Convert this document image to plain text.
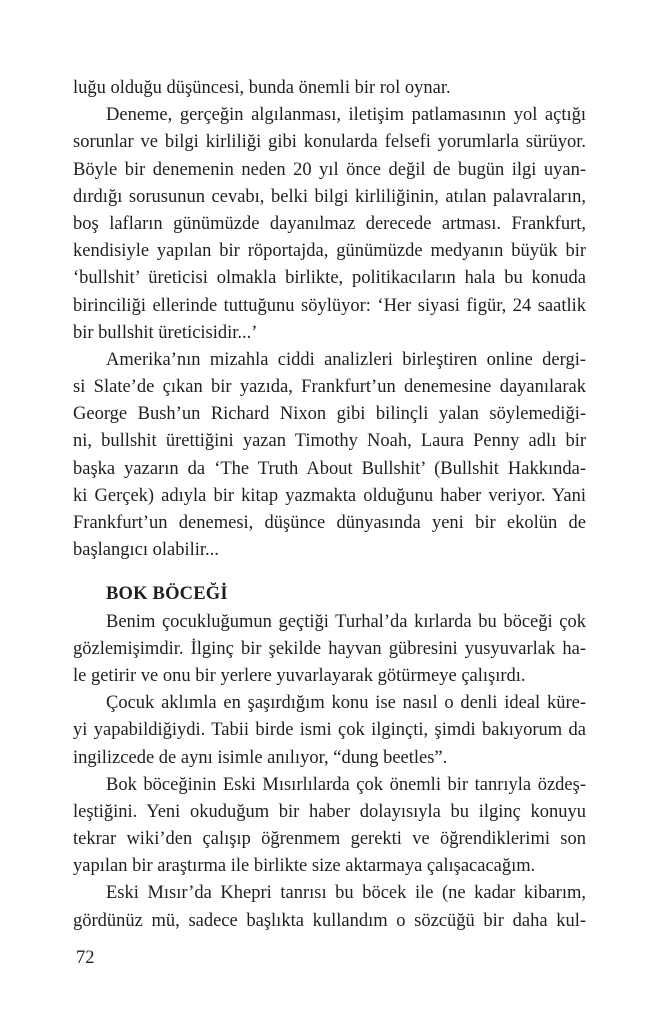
luğu olduğu düşüncesi, bunda önemli bir rol oynar.
Deneme, gerçeğin algılanması, iletişim patlamasının yol açtığı
sorunlar ve bilgi kirliliği gibi konularda felsefi yorumlarla sürüyor.
Böyle bir denemenin neden 20 yıl önce değil de bugün ilgi uyan-
dırdığı sorusunun cevabı, belki bilgi kirliliğinin, atılan palavraların,
boş lafların günümüzde dayanılmaz derecede artması. Frankfurt,
kendisiyle yapılan bir röportajda, günümüzde medyanın büyük bir
‘bullshit’ üreticisi olmakla birlikte, politikacıların hala bu konuda
birinciliği ellerinde tuttuğunu söylüyor: ‘Her siyasi figür, 24 saatlik
bir bullshit üreticisidir...’
Amerika’nın mizahla ciddi analizleri birleştiren online dergi-
si Slate’de çıkan bir yazıda, Frankfurt’un denemesine dayanılarak
George Bush’un Richard Nixon gibi bilinçli yalan söylemediği-
ni, bullshit ürettiğini yazan Timothy Noah, Laura Penny adlı bir
başka yazarın da ‘The Truth About Bullshit’ (Bullshit Hakkında-
ki Gerçek) adıyla bir kitap yazmakta olduğunu haber veriyor. Yani
Frankfurt’un denemesi, düşünce dünyasında yeni bir ekolün de
başlangıcı olabilir...
BOK BÖCEĞİ
Benim çocukluğumun geçtiği Turhal’da kırlarda bu böceği çok
gözlemişimdir. İlginç bir şekilde hayvan gübresini yusyuvarlak ha-
le getirir ve onu bir yerlere yuvarlayarak götürmeye çalışırdı.
Çocuk aklımla en şaşırdığım konu ise nasıl o denli ideal küre-
yi yapabildiğiydi. Tabii birde ismi çok ilginçti, şimdi bakıyorum da
ingilizcede de aynı isimle anılıyor, “dung beetles”.
Bok böceğinin Eski Mısırlılarda çok önemli bir tanrıyla özdeş-
leştiğini. Yeni okuduğum bir haber dolayısıyla bu ilginç konuyu
tekrar wiki’den çalışıp öğrenmem gerekti ve öğrendiklerimi son
yapılan bir araştırma ile birlikte size aktarmaya çalışacacağım.
Eski Mısır’da Khepri tanrısı bu böcek ile (ne kadar kibarım,
gördünüz mü, sadece başlıkta kullandım o sözcüğü bir daha kul-
72
